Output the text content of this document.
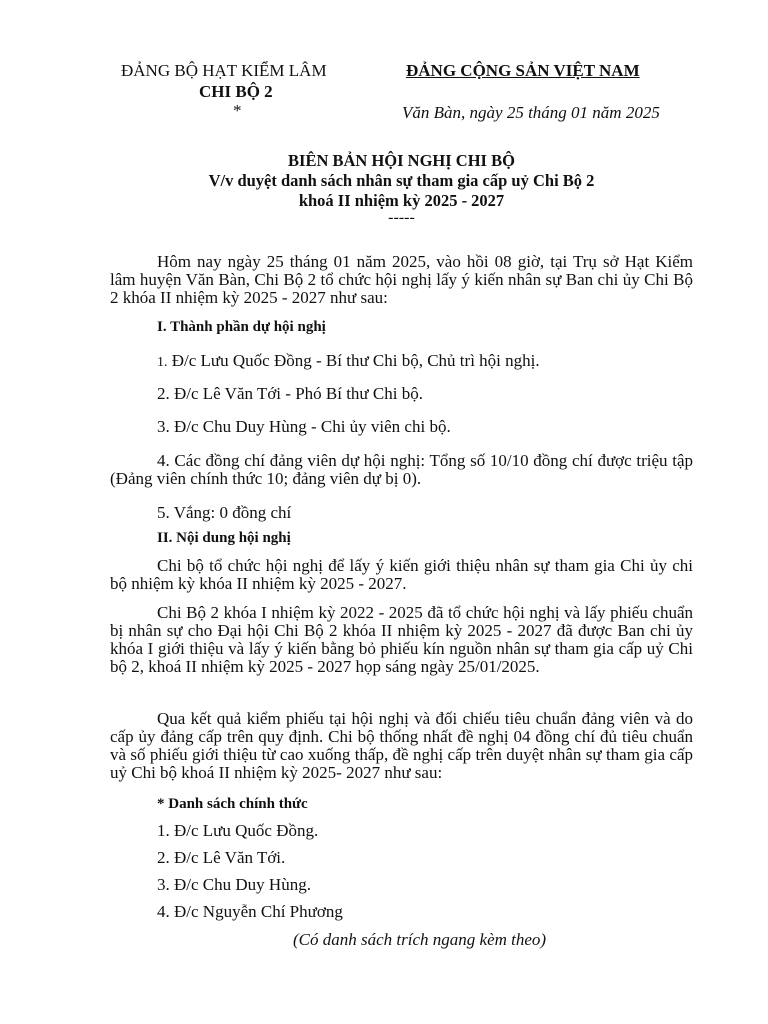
ĐẢNG BỘ HẠT KIỂM LÂM
CHI BỘ 2
*
ĐẢNG CỘNG SẢN VIỆT NAM
Văn Bàn, ngày 25 tháng 01 năm 2025
BIÊN BẢN HỘI NGHỊ CHI BỘ
V/v duyệt danh sách nhân sự tham gia cấp uỷ Chi Bộ 2
khoá II nhiệm kỳ 2025 - 2027
-----
Hôm nay ngày 25 tháng 01 năm 2025, vào hồi 08 giờ, tại Trụ sở Hạt Kiểm lâm huyện Văn Bàn, Chi Bộ 2 tổ chức hội nghị lấy ý kiến nhân sự Ban chi ủy Chi Bộ 2 khóa II nhiệm kỳ 2025 - 2027 như sau:
I. Thành phần dự hội nghị
1. Đ/c Lưu Quốc Đồng - Bí thư Chi bộ, Chủ trì hội nghị.
2. Đ/c Lê Văn Tới - Phó Bí thư Chi bộ.
3. Đ/c Chu Duy Hùng - Chi ủy viên chi bộ.
4. Các đồng chí đảng viên dự hội nghị: Tổng số 10/10 đồng chí được triệu tập (Đảng viên chính thức 10; đảng viên dự bị 0).
5. Vắng: 0 đồng chí
II. Nội dung hội nghị
Chi bộ tổ chức hội nghị để lấy ý kiến giới thiệu nhân sự tham gia Chi ủy chi bộ nhiệm kỳ khóa II nhiệm kỳ 2025 - 2027.
Chi Bộ 2 khóa I nhiệm kỳ 2022 - 2025 đã tổ chức hội nghị và lấy phiếu chuẩn bị nhân sự cho Đại hội Chi Bộ 2 khóa II nhiệm kỳ 2025 - 2027 đã được Ban chi ủy khóa I giới thiệu và lấy ý kiến bằng bỏ phiếu kín nguồn nhân sự tham gia cấp uỷ Chi bộ 2, khoá II nhiệm kỳ 2025 - 2027 họp sáng ngày 25/01/2025.
Qua kết quả kiểm phiếu tại hội nghị và đối chiếu tiêu chuẩn đảng viên và do cấp ủy đảng cấp trên quy định. Chi bộ thống nhất đề nghị 04 đồng chí đủ tiêu chuẩn và số phiếu giới thiệu từ cao xuống thấp, đề nghị cấp trên duyệt nhân sự tham gia cấp uỷ Chi bộ khoá II nhiệm kỳ 2025- 2027 như sau:
* Danh sách chính thức
1. Đ/c Lưu Quốc Đồng.
2. Đ/c Lê Văn Tới.
3. Đ/c Chu Duy Hùng.
4. Đ/c Nguyễn Chí Phương
(Có danh sách trích ngang kèm theo)
